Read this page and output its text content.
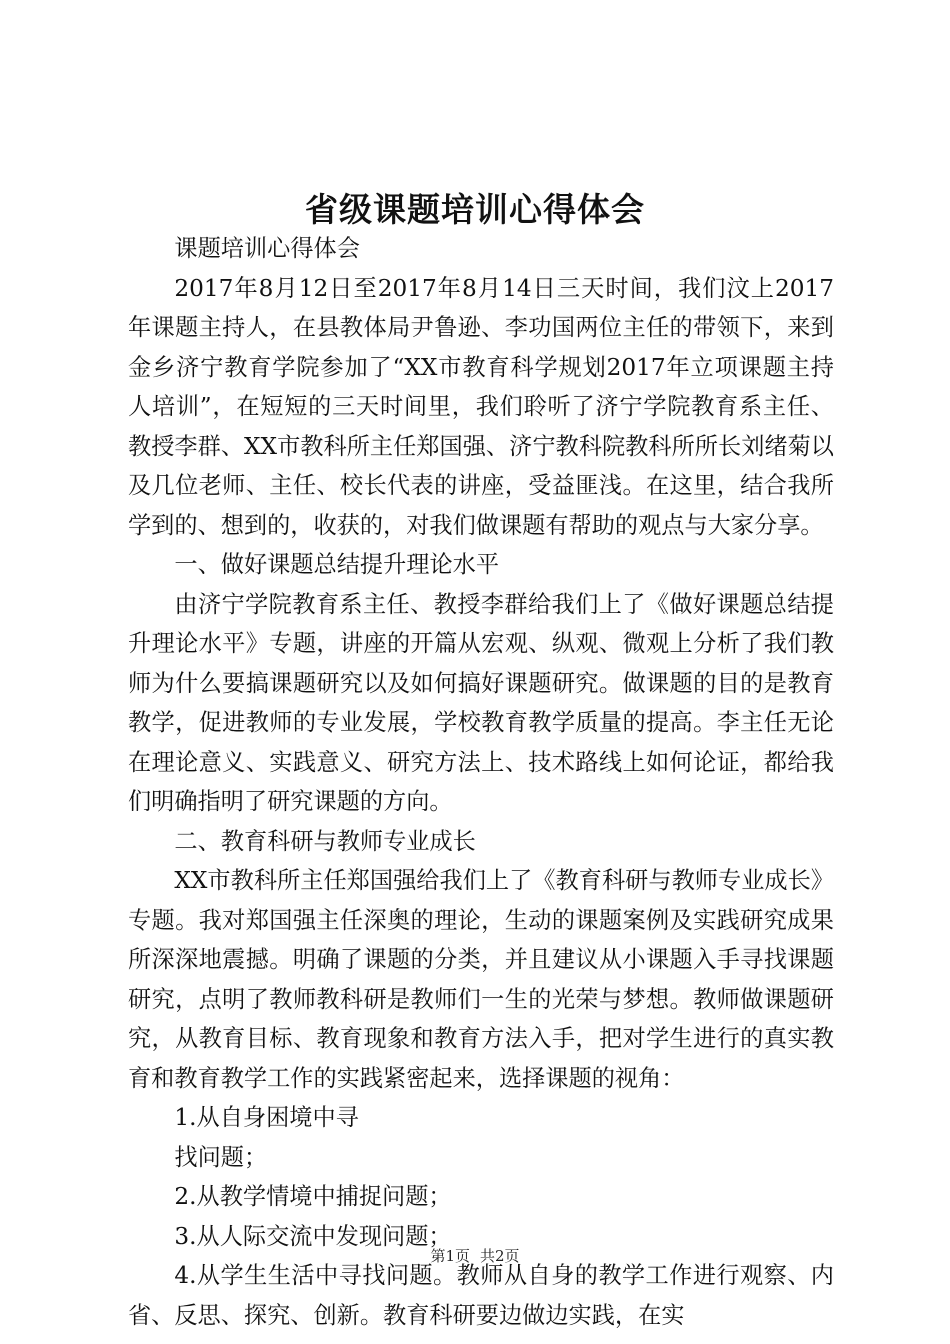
省级课题培训心得体会

课题培训心得体会

2017年8月12日至2017年8月14日三天时间，我们汶上2017年课题主持人，在县教体局尹鲁逊、李功国两位主任的带领下，来到金乡济宁教育学院参加了“XX市教育科学规划2017年立项课题主持人培训”，在短短的三天时间里，我们聆听了济宁学院教育系主任、教授李群、XX市教科所主任郑国强、济宁教科院教科所所长刘绪菊以及几位老师、主任、校长代表的讲座，受益匪浅。在这里，结合我所学到的、想到的，收获的，对我们做课题有帮助的观点与大家分享。

一、做好课题总结提升理论水平

由济宁学院教育系主任、教授李群给我们上了《做好课题总结提升理论水平》专题，讲座的开篇从宏观、纵观、微观上分析了我们教师为什么要搞课题研究以及如何搞好课题研究。做课题的目的是教育教学，促进教师的专业发展，学校教育教学质量的提高。李主任无论在理论意义、实践意义、研究方法上、技术路线上如何论证，都给我们明确指明了研究课题的方向。

二、教育科研与教师专业成长

XX市教科所主任郑国强给我们上了《教育科研与教师专业成长》专题。我对郑国强主任深奥的理论，生动的课题案例及实践研究成果所深深地震撼。明确了课题的分类，并且建议从小课题入手寻找课题研究，点明了教师教科研是教师们一生的光荣与梦想。教师做课题研究，从教育目标、教育现象和教育方法入手，把对学生进行的真实教育和教育教学工作的实践紧密起来，选择课题的视角：

1.从自身困境中寻

找问题；

2.从教学情境中捕捉问题；

3.从人际交流中发现问题；

4.从学生生活中寻找问题。教师从自身的教学工作进行观察、内省、反思、探究、创新。教育科研要边做边实践，在实

第1页 共2页
